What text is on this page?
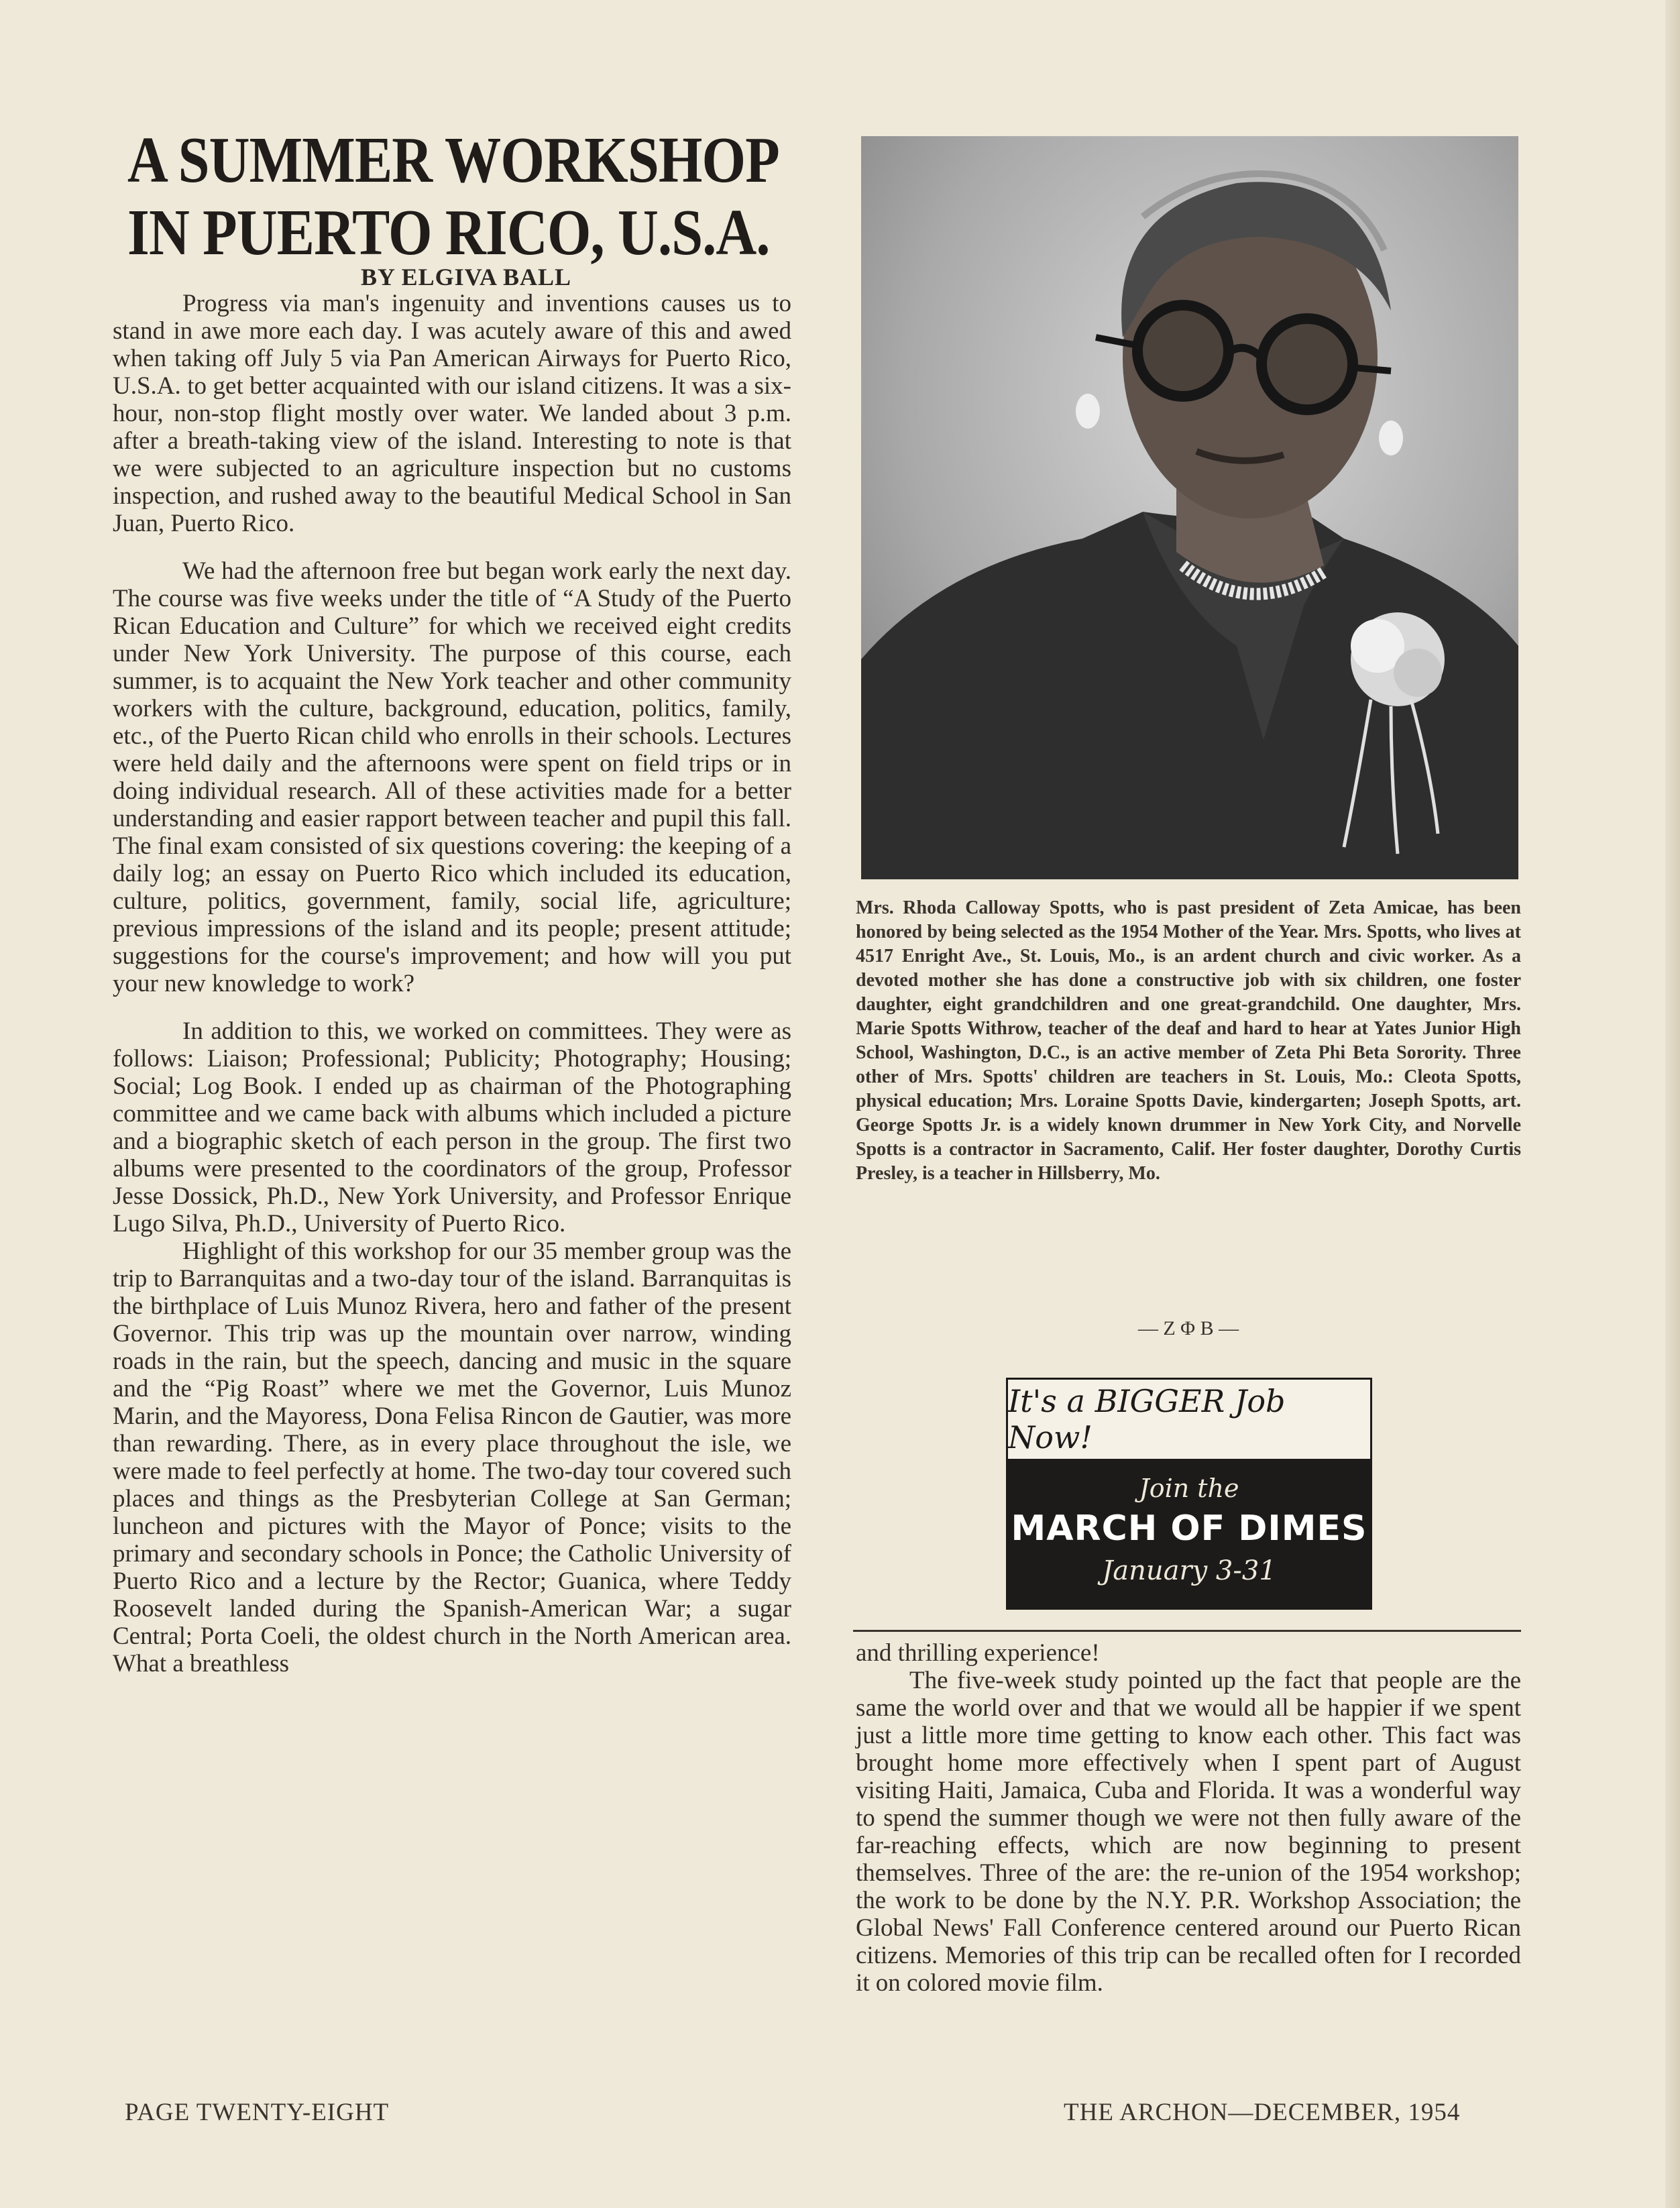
A SUMMER WORKSHOP
IN PUERTO RICO, U.S.A.
BY ELGIVA BALL

Progress via man's ingenuity and inventions causes us to stand in awe more each day. I was acutely aware of this and awed when taking off July 5 via Pan American Airways for Puerto Rico, U.S.A. to get better acquainted with our island citizens. It was a six-hour, non-stop flight mostly over water. We landed about 3 p.m. after a breath-taking view of the island. Interesting to note is that we were subjected to an agriculture inspection but no customs inspection, and rushed away to the beautiful Medical School in San Juan, Puerto Rico.

We had the afternoon free but began work early the next day. The course was five weeks under the title of “A Study of the Puerto Rican Education and Culture” for which we received eight credits under New York University. The purpose of this course, each summer, is to acquaint the New York teacher and other community workers with the culture, background, education, politics, family, etc., of the Puerto Rican child who enrolls in their schools. Lectures were held daily and the afternoons were spent on field trips or in doing individual research. All of these activities made for a better understanding and easier rapport between teacher and pupil this fall. The final exam consisted of six questions covering: the keeping of a daily log; an essay on Puerto Rico which included its education, culture, politics, government, family, social life, agriculture; previous impressions of the island and its people; present attitude; suggestions for the course's improvement; and how will you put your new knowledge to work?

In addition to this, we worked on committees. They were as follows: Liaison; Professional; Publicity; Photography; Housing; Social; Log Book. I ended up as chairman of the Photographing committee and we came back with albums which included a picture and a biographic sketch of each person in the group. The first two albums were presented to the coordinators of the group, Professor Jesse Dossick, Ph.D., New York University, and Professor Enrique Lugo Silva, Ph.D., University of Puerto Rico.

Highlight of this workshop for our 35 member group was the trip to Barranquitas and a two-day tour of the island. Barranquitas is the birthplace of Luis Munoz Rivera, hero and father of the present Governor. This trip was up the mountain over narrow, winding roads in the rain, but the speech, dancing and music in the square and the “Pig Roast” where we met the Governor, Luis Munoz Marin, and the Mayoress, Dona Felisa Rincon de Gautier, was more than rewarding. There, as in every place throughout the isle, we were made to feel perfectly at home. The two-day tour covered such places and things as the Presbyterian College at San German; luncheon and pictures with the Mayor of Ponce; visits to the primary and secondary schools in Ponce; the Catholic University of Puerto Rico and a lecture by the Rector; Guanica, where Teddy Roosevelt landed during the Spanish-American War; a sugar Central; Porta Coeli, the oldest church in the North American area. What a breathless

Mrs. Rhoda Calloway Spotts, who is past president of Zeta Amicae, has been honored by being selected as the 1954 Mother of the Year. Mrs. Spotts, who lives at 4517 Enright Ave., St. Louis, Mo., is an ardent church and civic worker. As a devoted mother she has done a constructive job with six children, one foster daughter, eight grandchildren and one great-grandchild. One daughter, Mrs. Marie Spotts Withrow, teacher of the deaf and hard to hear at Yates Junior High School, Washington, D.C., is an active member of Zeta Phi Beta Sorority. Three other of Mrs. Spotts' children are teachers in St. Louis, Mo.: Cleota Spotts, physical education; Mrs. Loraine Spotts Davie, kindergarten; Joseph Spotts, art. George Spotts Jr. is a widely known drummer in New York City, and Norvelle Spotts is a contractor in Sacramento, Calif. Her foster daughter, Dorothy Curtis Presley, is a teacher in Hillsberry, Mo.
— Z Φ B —
It's a BIGGER Job Now!
Join the
MARCH OF DIMES
January 3-31

and thrilling experience!

The five-week study pointed up the fact that people are the same the world over and that we would all be happier if we spent just a little more time getting to know each other. This fact was brought home more effectively when I spent part of August visiting Haiti, Jamaica, Cuba and Florida. It was a wonderful way to spend the summer though we were not then fully aware of the far-reaching effects, which are now beginning to present themselves. Three of the are: the re-union of the 1954 workshop; the work to be done by the N.Y. P.R. Workshop Association; the Global News' Fall Conference centered around our Puerto Rican citizens. Memories of this trip can be recalled often for I recorded it on colored movie film.

PAGE TWENTY-EIGHT	THE ARCHON—DECEMBER, 1954
